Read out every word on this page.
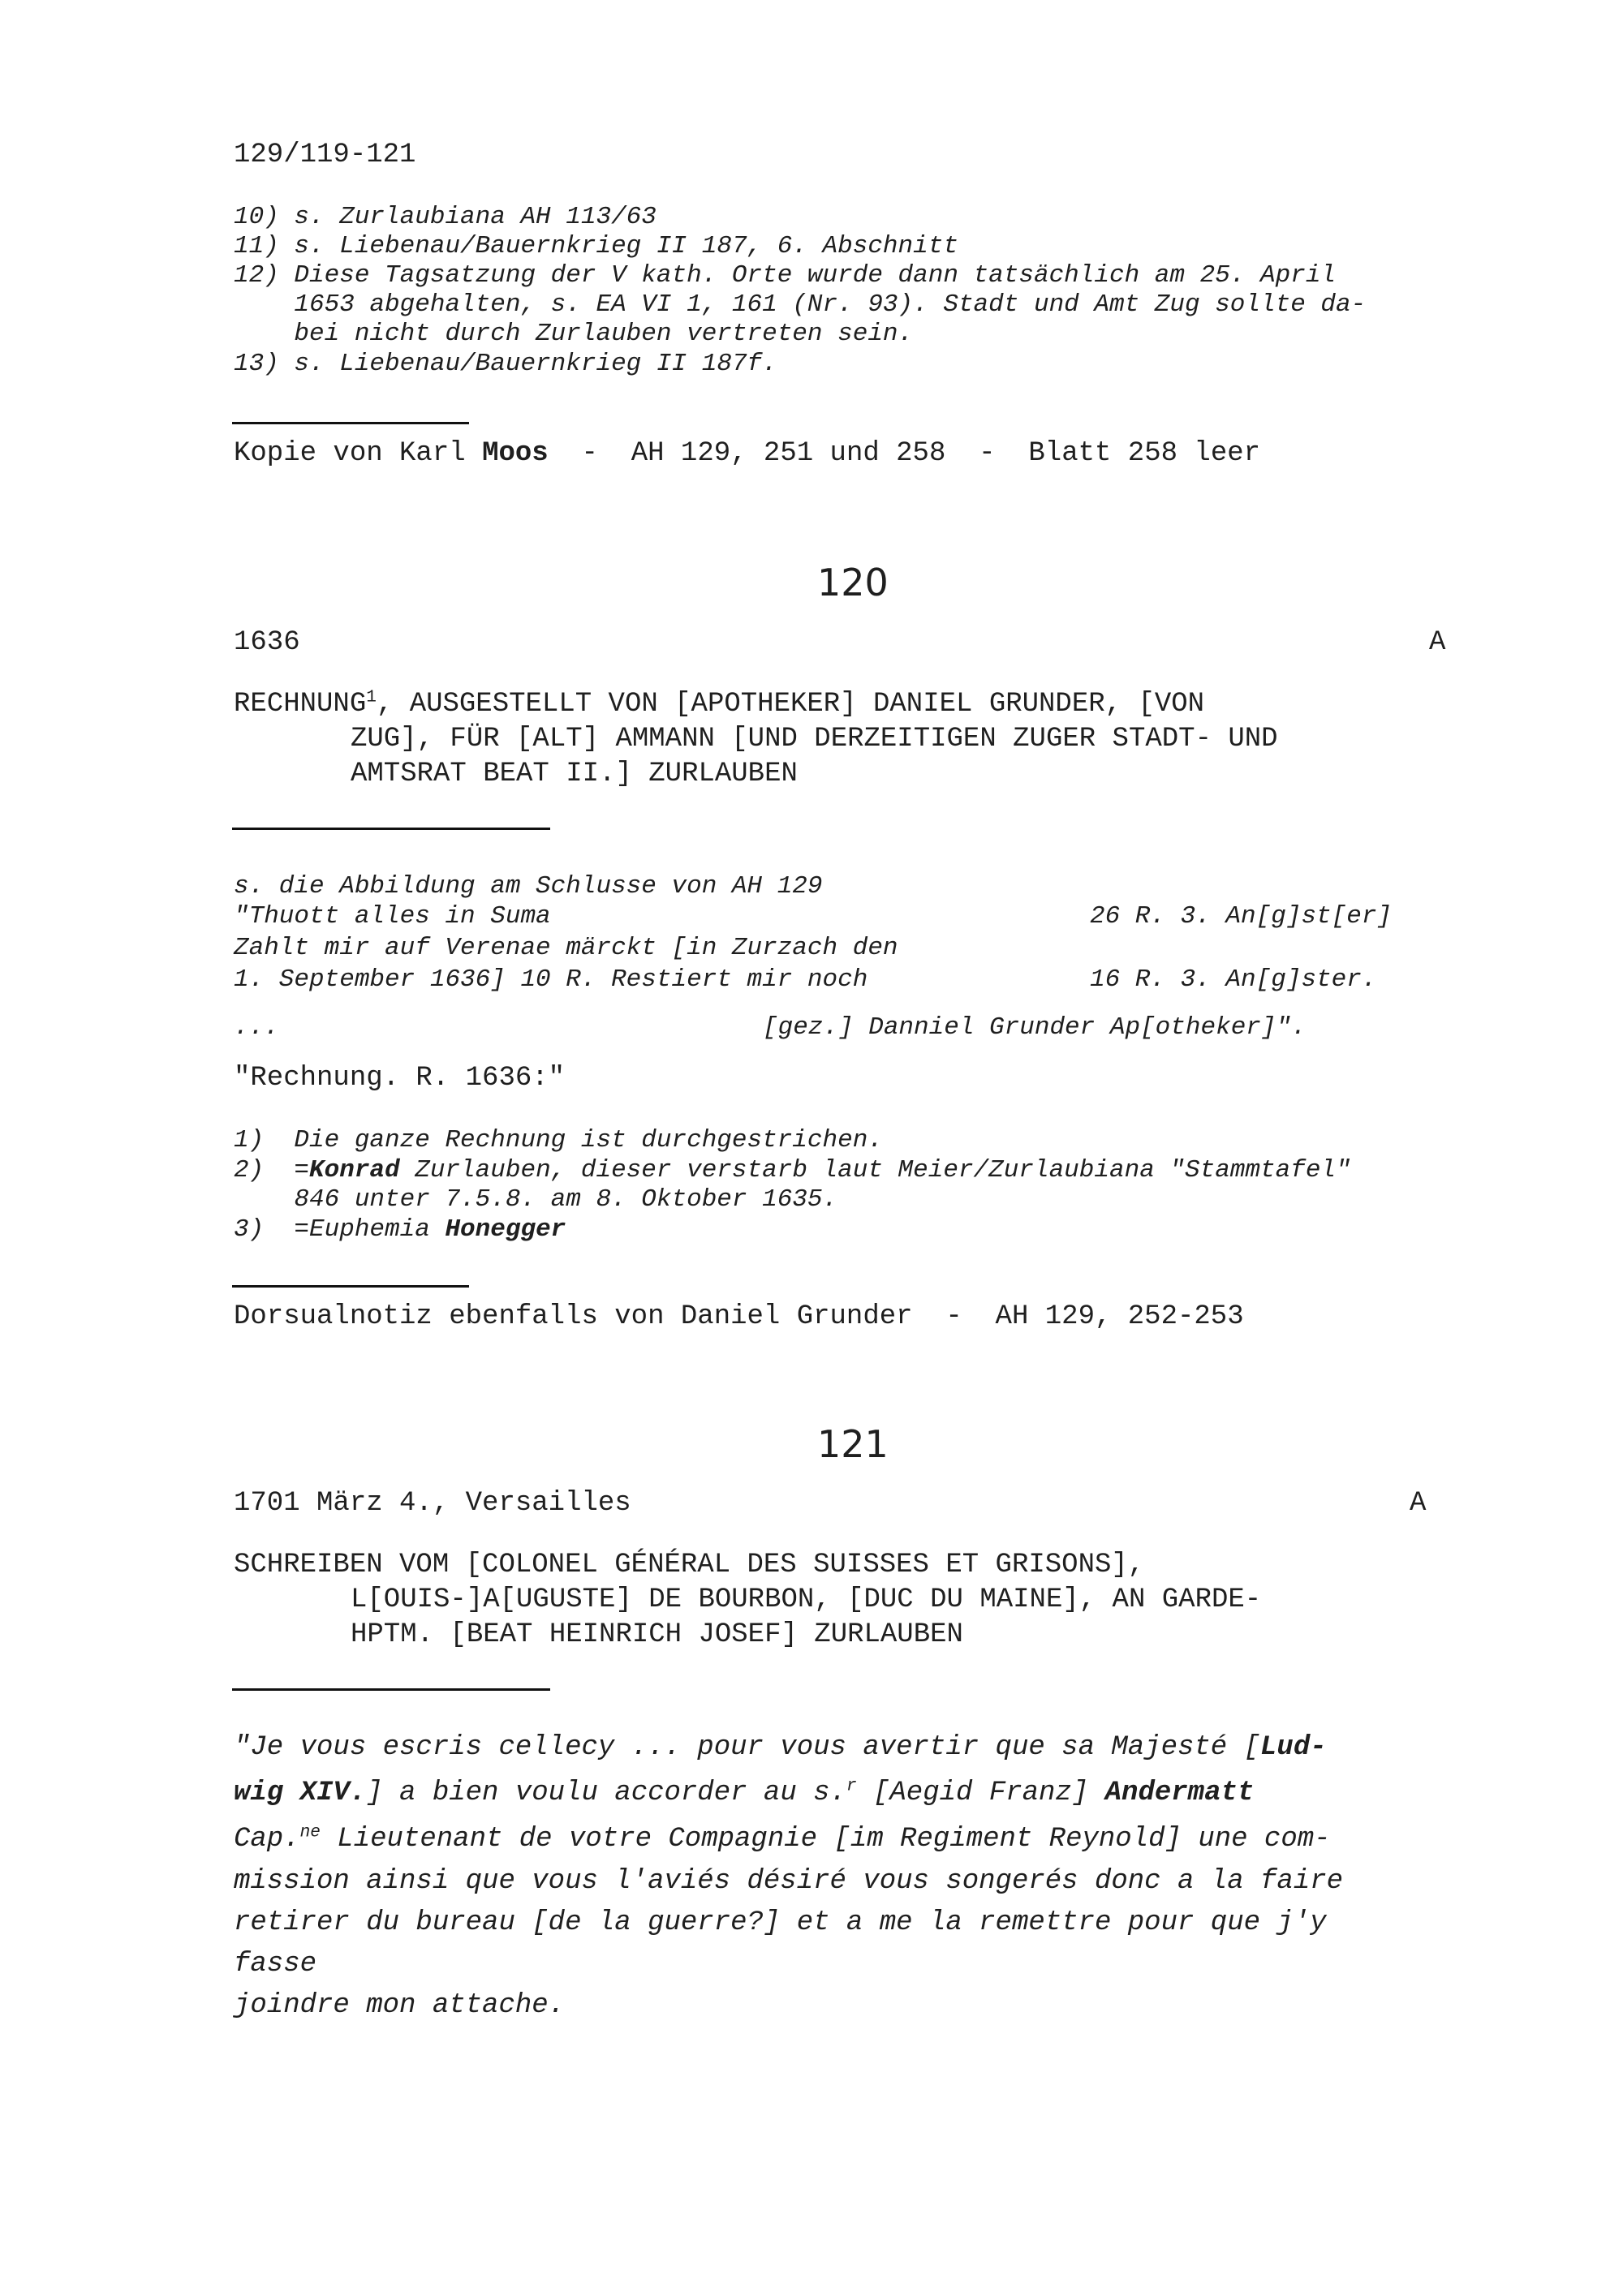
129/119-121
10) s. Zurlaubiana AH 113/63
11) s. Liebenau/Bauernkrieg II 187, 6. Abschnitt
12) Diese Tagsatzung der V kath. Orte wurde dann tatsächlich am 25. April
1653 abgehalten, s. EA VI 1, 161 (Nr. 93). Stadt und Amt Zug sollte da-
bei nicht durch Zurlauben vertreten sein.
13) s. Liebenau/Bauernkrieg II 187f.
Kopie von Karl Moos  -  AH 129, 251 und 258  -  Blatt 258 leer
120
1636	A
RECHNUNG$^1$, AUSGESTELLT VON [APOTHEKER] DANIEL GRUNDER, [VON
ZUG], FÜR [ALT] AMMANN [UND DERZEITIGEN ZUGER STADT- UND
AMTSRAT BEAT II.] ZURLAUBEN
s. die Abbildung am Schlusse von AH 129
"Thuott alles in Suma	26 R. 3. An[g]st[er]
Zahlt mir auf Verenae märckt [in Zurzach den
1. September 1636] 10 R. Restiert mir noch	16 R. 3. An[g]ster.
...	[gez.] Danniel Grunder Ap[otheker]".
"Rechnung. R. 1636:"
1)  Die ganze Rechnung ist durchgestrichen.
2)  =Konrad Zurlauben, dieser verstarb laut Meier/Zurlaubiana "Stammtafel"
846 unter 7.5.8. am 8. Oktober 1635.
3)  =Euphemia Honegger
Dorsualnotiz ebenfalls von Daniel Grunder  -  AH 129, 252-253
121
1701 März 4., Versailles	A
SCHREIBEN VOM [COLONEL GÉNÉRAL DES SUISSES ET GRISONS],
L[OUIS-]A[UGUSTE] DE BOURBON, [DUC DU MAINE], AN GARDE-
HPTM. [BEAT HEINRICH JOSEF] ZURLAUBEN
"Je vous escris cellecy ... pour vous avertir que sa Majesté [Lud-
wig XIV.] a bien voulu accorder au s.$^r$ [Aegid Franz] Andermatt
Cap.$^{ne}$ Lieutenant de votre Compagnie [im Regiment Reynold] une com-
mission ainsi que vous l'aviés désiré vous songerés donc a la faire
retirer du bureau [de la guerre?] et a me la remettre pour que j'y
fasse
joindre mon attache.
